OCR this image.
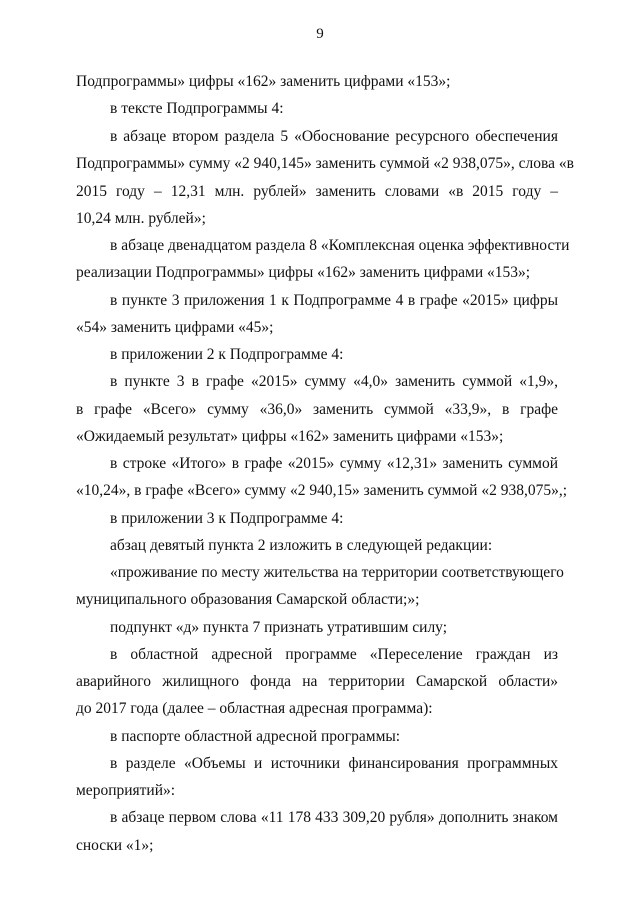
9
Подпрограммы» цифры «162» заменить цифрами «153»;
в тексте Подпрограммы 4:
в абзаце втором раздела 5 «Обоснование ресурсного обеспечения
Подпрограммы» сумму «2 940,145» заменить суммой «2 938,075», слова «в
2015 году – 12,31 млн. рублей» заменить словами «в 2015 году –
10,24 млн. рублей»;
в абзаце двенадцатом раздела 8 «Комплексная оценка эффективности
реализации Подпрограммы» цифры «162» заменить цифрами «153»;
в пункте 3 приложения 1 к Подпрограмме 4 в графе «2015» цифры
«54» заменить цифрами «45»;
в приложении 2 к Подпрограмме 4:
в пункте 3 в графе «2015» сумму «4,0» заменить суммой «1,9»,
в графе «Всего» сумму «36,0» заменить суммой «33,9», в графе
«Ожидаемый результат» цифры «162» заменить цифрами «153»;
в строке «Итого» в графе «2015» сумму «12,31» заменить суммой
«10,24», в графе «Всего» сумму «2 940,15» заменить суммой «2 938,075»,;
в приложении 3 к Подпрограмме 4:
абзац девятый пункта 2 изложить в следующей редакции:
«проживание по месту жительства на территории соответствующего
муниципального образования Самарской области;»;
подпункт «д» пункта 7 признать утратившим силу;
в областной адресной программе «Переселение граждан из
аварийного жилищного фонда на территории Самарской области»
до 2017 года (далее – областная адресная программа):
в паспорте областной адресной программы:
в разделе «Объемы и источники финансирования программных
мероприятий»:
в абзаце первом слова «11 178 433 309,20 рубля» дополнить знаком
сноски «1»;
